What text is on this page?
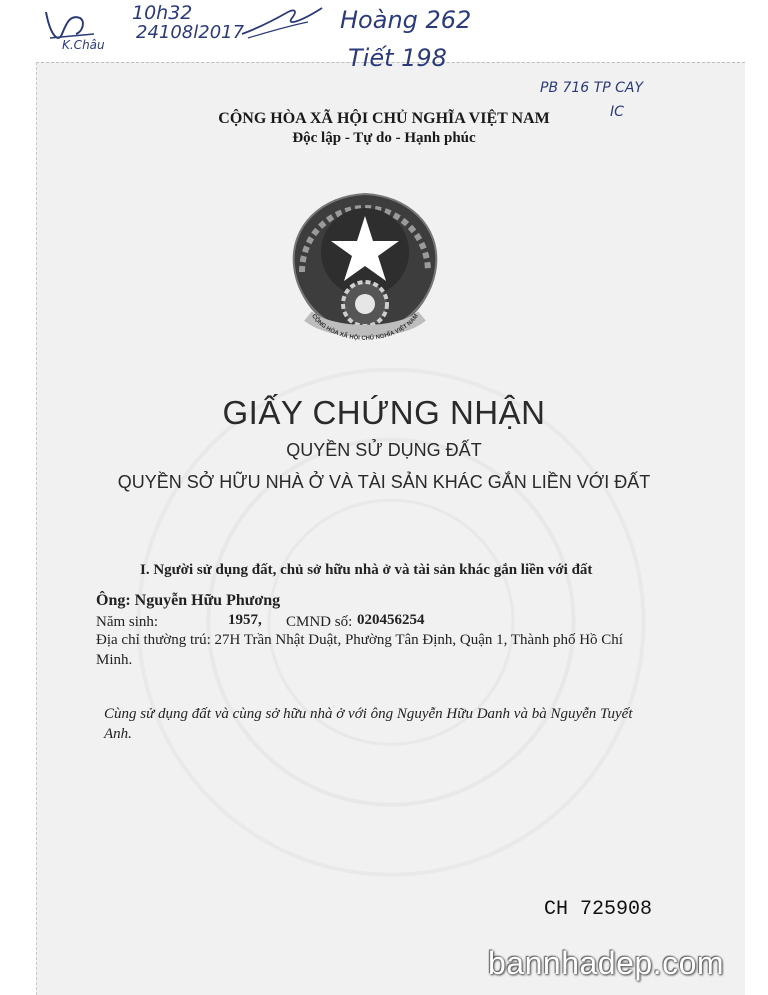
10h32
24108l2017
K.Châu
Hoàng 262
Tiết 198
PB 716 TP CAY
IC
CỘNG HÒA XÃ HỘI CHỦ NGHĨA VIỆT NAM
Độc lập - Tự do - Hạnh phúc
CỘNG HÒA XÃ HỘI CHỦ NGHĨA VIỆT NAM
GIẤY CHỨNG NHẬN
QUYỀN SỬ DỤNG ĐẤT
QUYỀN SỞ HỮU NHÀ Ở VÀ TÀI SẢN KHÁC GẮN LIỀN VỚI ĐẤT
I. Người sử dụng đất, chủ sở hữu nhà ở và tài sản khác gắn liền với đất
Ông: Nguyễn Hữu Phương
Năm sinh:	1957, CMND số: 020456254
Địa chỉ thường trú: 27H Trần Nhật Duật, Phường Tân Định, Quận 1, Thành phố Hồ Chí
Minh.
Cùng sử dụng đất và cùng sở hữu nhà ở với ông Nguyễn Hữu Danh và bà Nguyễn Tuyết
Anh.
CH 725908
bannhadep.com
